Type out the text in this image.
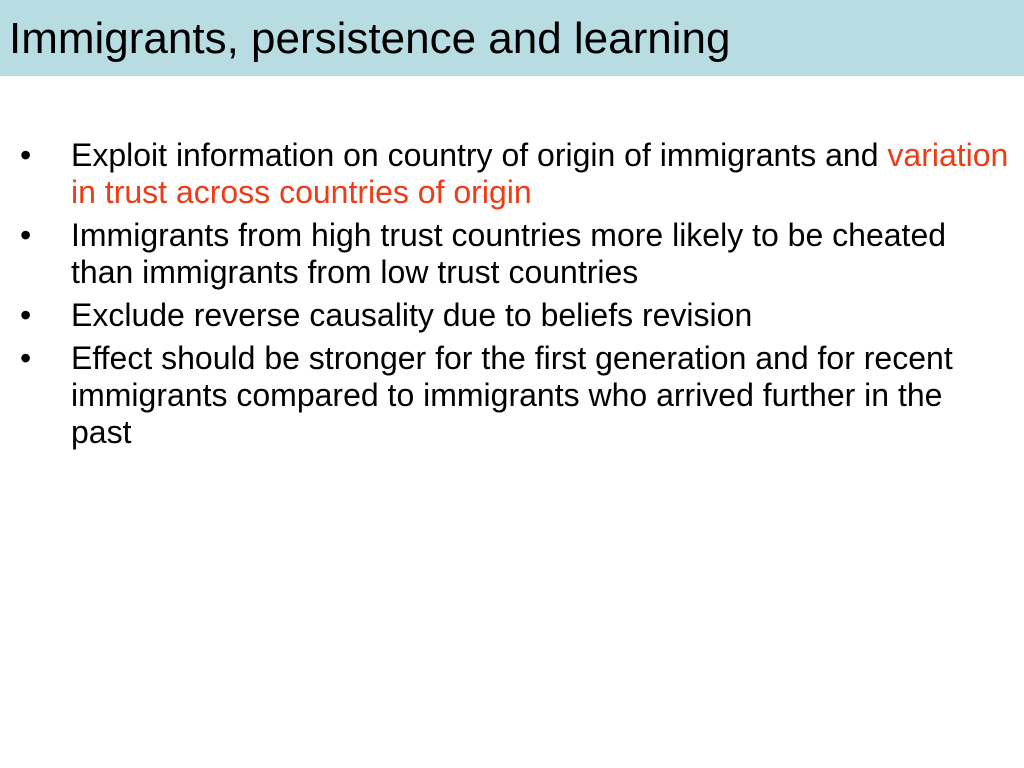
Immigrants, persistence and learning
• Exploit information on country of origin of immigrants and variation in trust across countries of origin
• Immigrants from high trust countries more likely to be cheated than immigrants from low trust countries
• Exclude reverse causality due to beliefs revision
• Effect should be stronger for the first generation and for recent immigrants compared to immigrants who arrived further in the past
